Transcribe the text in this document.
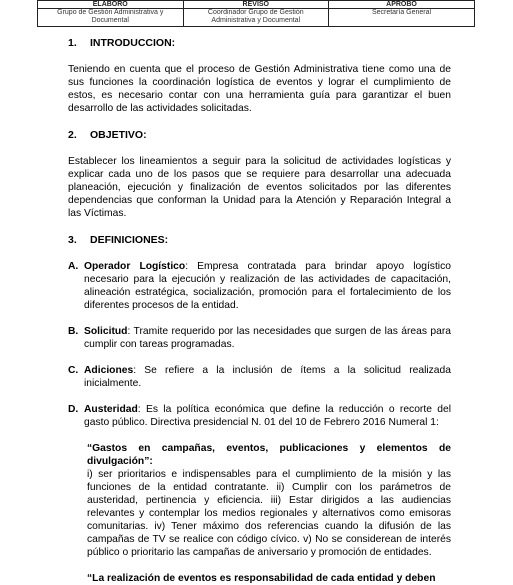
ELABORÓ	REVISÓ	APROBÓ
Grupo de Gestión Administrativa y Documental	Coordinador Grupo de Gestión Administrativa y Documental	Secretaría General
1. INTRODUCCION:

Teniendo en cuenta que el proceso de Gestión Administrativa tiene como una de sus funciones la coordinación logística de eventos y lograr el cumplimiento de estos, es necesario contar con una herramienta guía para garantizar el buen desarrollo de las actividades solicitadas.

2. OBJETIVO:

Establecer los lineamientos a seguir para la solicitud de actividades logísticas y explicar cada uno de los pasos que se requiere para desarrollar una adecuada planeación, ejecución y finalización de eventos solicitados por las diferentes dependencias que conforman la Unidad para la Atención y Reparación Integral a las Víctimas.

3. DEFINICIONES:

A. Operador Logístico: Empresa contratada para brindar apoyo logístico necesario para la ejecución y realización de las actividades de capacitación, alineación estratégica, socialización, promoción para el fortalecimiento de los diferentes procesos de la entidad.

B. Solicitud: Tramite requerido por las necesidades que surgen de las áreas para cumplir con tareas programadas.

C. Adiciones: Se refiere a la inclusión de ítems a la solicitud realizada inicialmente.

D. Austeridad: Es la política económica que define la reducción o recorte del gasto público. Directiva presidencial N. 01 del 10 de Febrero 2016 Numeral 1:

“Gastos en campañas, eventos, publicaciones y elementos de divulgación”:
i) ser prioritarios e indispensables para el cumplimiento de la misión y las funciones de la entidad contratante. ii) Cumplir con los parámetros de austeridad, pertinencia y eficiencia. iii) Estar dirigidos a las audiencias relevantes y contemplar los medios regionales y alternativos como emisoras comunitarias. iv) Tener máximo dos referencias cuando la difusión de las campañas de TV se realice con código cívico. v) No se considerean de interés público o prioritario las campañas de aniversario y promoción de entidades.

“La realización de eventos es responsabilidad de cada entidad y deben
